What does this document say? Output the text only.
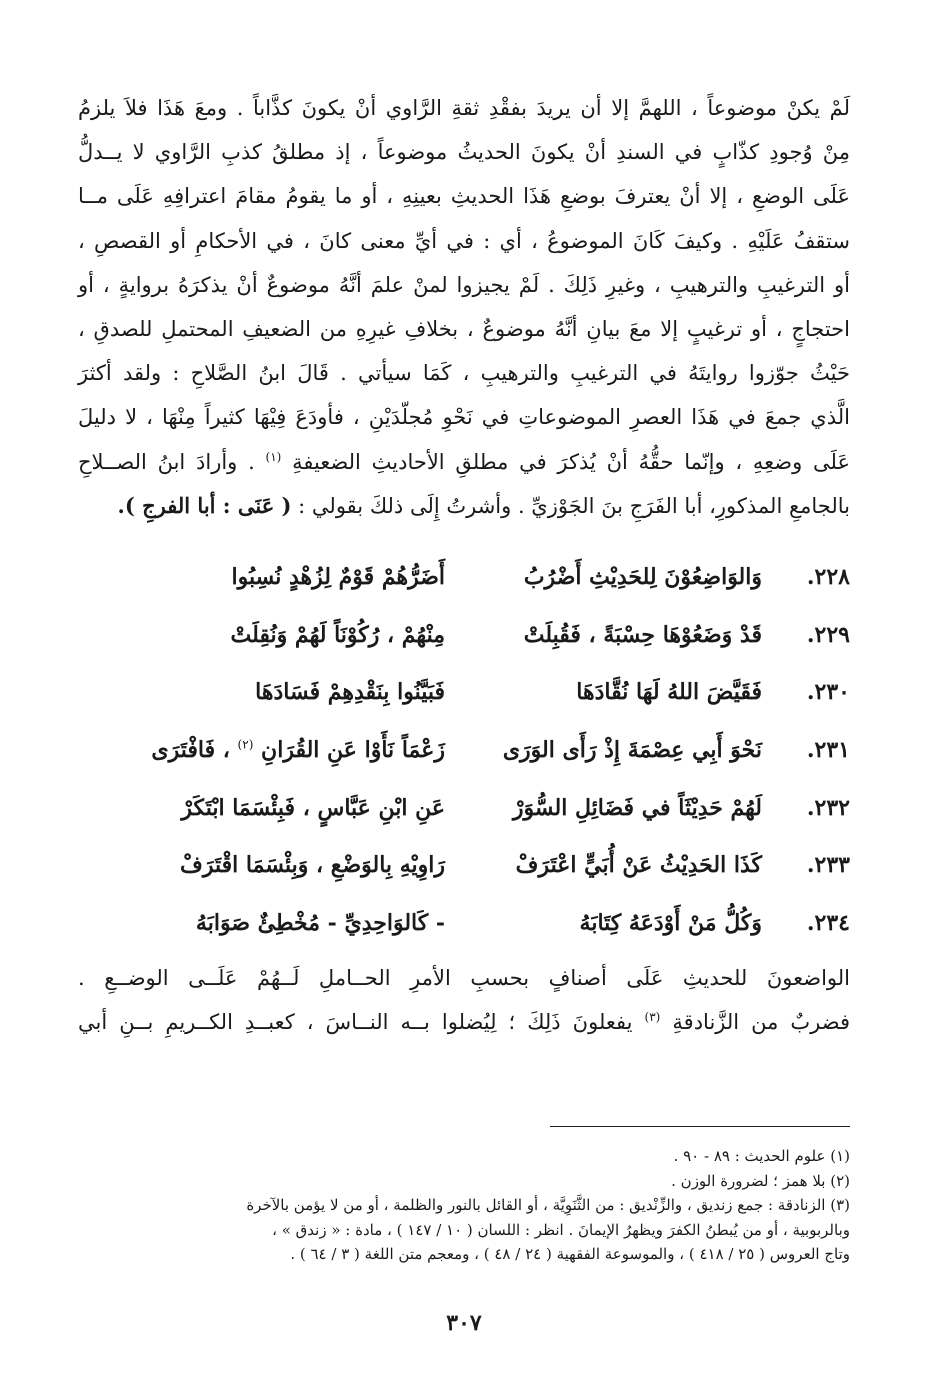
لَمْ يكنْ موضوعاً ، اللهمَّ إلا أن يريدَ بفقْدِ ثقةِ الرَّاوي أنْ يكونَ كذَّاباً . ومعَ هَذَا فلاَ يلزمُ
مِنْ وُجودِ كذّابٍ في السندِ أنْ يكونَ الحديثُ موضوعاً ، إذ مطلقُ كذبِ الرَّاوي لا يــدلُّ
عَلَى الوضعِ ، إلا أنْ يعترفَ بوضعِ هَذَا الحديثِ بعينِهِ ، أو ما يقومُ مقامَ اعترافِهِ عَلَى مــا
ستقفُ عَلَيْهِ . وكيفَ كَانَ الموضوعُ ، أي : في أيِّ معنى كانَ ، في الأحكامِ أو القصصِ ،
أو الترغيبِ والترهيبِ ، وغيرِ ذَلِكَ . لَمْ يجيزوا لمنْ علمَ أنَّهُ موضوعٌ أنْ يذكرَهُ بروايةٍ ، أو
احتجاجٍ ، أو ترغيبٍ إلا معَ بيانِ أنَّهُ موضوعٌ ، بخلافِ غيرِهِ من الضعيفِ المحتملِ للصدقِ ،
حَيْثُ جوّزوا روايتَهُ في الترغيبِ والترهيبِ ، كَمَا سيأتي . قَالَ ابنُ الصَّلاحِ : ولقد أكثرَ
الَّذي جمعَ في هَذَا العصرِ الموضوعاتِ في نَحْوِ مُجلّدَيْنِ ، فأودَعَ فِيْهَا كثيراً مِنْهَا ، لا دليلَ
عَلَى وضعِهِ ، وإنّما حقُّهُ أنْ يُذكرَ في مطلقِ الأحاديثِ الضعيفةِ $^{(١)}$ . وأرادَ ابنُ الصــلاحِ
بالجامعِ المذكورِ، أبا الفَرَجِ بنَ الجَوْزيِّ . وأشرتُ إِلَى ذلكَ بقولي : ( عَنَى : أبا الفرجِ ).
٢٢٨.
وَالوَاضِعُوْنَ لِلحَدِيْثِ أَضْرُبُ
أَضَرُّهُمْ قَوْمٌ لِزُهْدٍ نُسِبُوا
٢٢٩.
قَدْ وَضَعُوْهَا حِسْبَةً ، فَقُبِلَتْ
مِنْهُمْ ، رُكُوْنَاً لَهُمْ وَنُقِلَتْ
٢٣٠.
فَقَيَّضَ اللهُ لَهَا نُقَّادَهَا
فَبَيَّنُوا بِنَقْدِهِمْ فَسَادَهَا
٢٣١.
نَحْوَ أَبِي عِصْمَةَ إِذْ رَأَى الوَرَى
زَعْمَاً نَأَوْا عَنِ القُرَانِ $^{(٢)}$ ، فَافْتَرَى
٢٣٢.
لَهُمْ حَدِيْثَاً في فَضَائِلِ السُّوَرْ
عَنِ ابْنِ عَبَّاسٍ ، فَبِئْسَمَا ابْتَكَرْ
٢٣٣.
كَذَا الحَدِيْثُ عَنْ أُبَيٍّ اعْتَرَفْ
رَاوِيْهِ بِالوَضْعِ ، وَبِئْسَمَا اقْتَرَفْ
٢٣٤.
وَكُلُّ مَنْ أَوْدَعَهُ كِتَابَهُ
- كَالوَاحِدِيِّ - مُخْطِئٌ صَوَابَهُ
الواضعونَ للحديثِ عَلَى أصنافٍ بحسبِ الأمرِ الحــاملِ لَــهُمْ عَلَــى الوضــعِ .
فضربٌ من الزَّنادقةِ $^{(٣)}$ يفعلونَ ذَلِكَ ؛ لِيُضلوا بــه النــاسَ ، كعبــدِ الكــريمِ بــنِ أبي

(١) علوم الحديث : ٨٩ - ٩٠ .

(٢) بلا همز ؛ لضرورة الوزن .

(٣) الزنادقة : جمع زنديق ، والزِّنْديق : من الثَّنَوِيَّة ، أو القائل بالنور والظلمة ، أو من لا يؤمن بالآخرة

وبالربوبية ، أو من يُبطنُ الكفرَ ويظهرُ الإيمانَ . انظر : اللسان ( ١٠ / ١٤٧ ) ، مادة : « زندق » ،

وتاج العروس ( ٢٥ / ٤١٨ ) ، والموسوعة الفقهية ( ٢٤ / ٤٨ ) ، ومعجم متن اللغة ( ٣ / ٦٤ ) .

٣٠٧
